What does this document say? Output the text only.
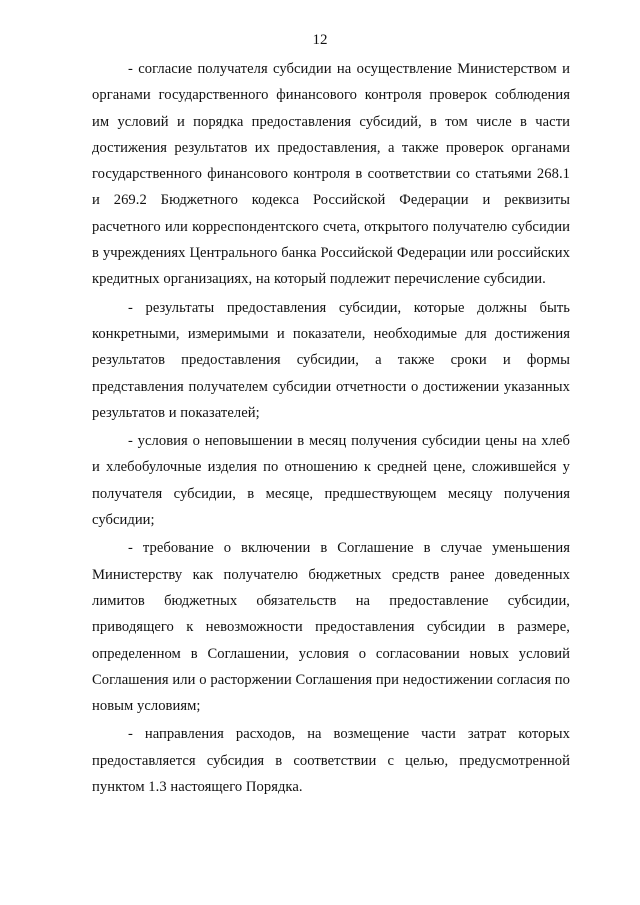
12

- согласие получателя субсидии на осуществление Министерством и органами государственного финансового контроля проверок соблюдения им условий и порядка предоставления субсидий, в том числе в части достижения результатов их предоставления, а также проверок органами государственного финансового контроля в соответствии со статьями 268.1 и 269.2 Бюджетного кодекса Российской Федерации и реквизиты расчетного или корреспондентского счета, открытого получателю субсидии в учреждениях Центрального банка Российской Федерации или российских кредитных организациях, на который подлежит перечисление субсидии.

- результаты предоставления субсидии, которые должны быть конкретными, измеримыми и показатели, необходимые для достижения результатов предоставления субсидии, а также сроки и формы представления получателем субсидии отчетности о достижении указанных результатов и показателей;

- условия о неповышении в месяц получения субсидии цены на хлеб и хлебобулочные изделия по отношению к средней цене, сложившейся у получателя субсидии, в месяце, предшествующем месяцу получения субсидии;

- требование о включении в Соглашение в случае уменьшения Министерству как получателю бюджетных средств ранее доведенных лимитов бюджетных обязательств на предоставление субсидии, приводящего к невозможности предоставления субсидии в размере, определенном в Соглашении, условия о согласовании новых условий Соглашения или о расторжении Соглашения при недостижении согласия по новым условиям;

- направления расходов, на возмещение части затрат которых предоставляется субсидия в соответствии с целью, предусмотренной пунктом 1.3 настоящего Порядка.
